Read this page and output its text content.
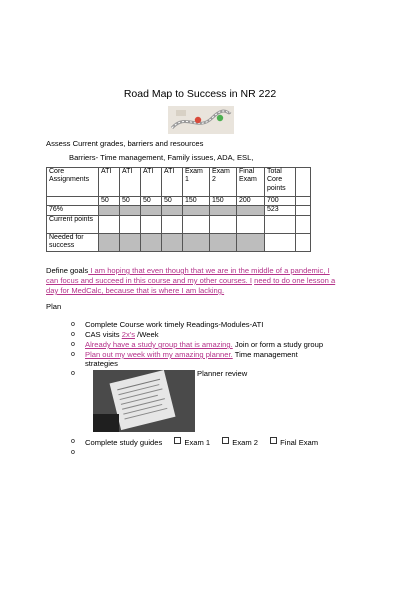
Road Map to Success in NR 222
Assess Current grades, barriers and resources
Barriers- Time management, Family issues, ADA, ESL,
Core Assignments	ATI	ATI	ATI	ATI	Exam 1	Exam 2	Final Exam	Total Core points	
	50	50	50	50	150	150	200	700	
76%								523	
Current points									
Needed for success									
Define goals I am hoping that even though that we are in the middle of a pandemic, I
can focus and succeed in this course and my other courses. I need to do one lesson a
day for MedCalc, because that is where I am lacking.
Plan
o Complete Course work timely Readings-Modules-ATI
o CAS visits 2x's /Week
o Already have a study group that is amazing. Join or form a study group
o Plan out my week with my amazing planner. Time management
strategies
o	Planner review
o Complete study guides	Exam 1	Exam 2	Final Exam
o
